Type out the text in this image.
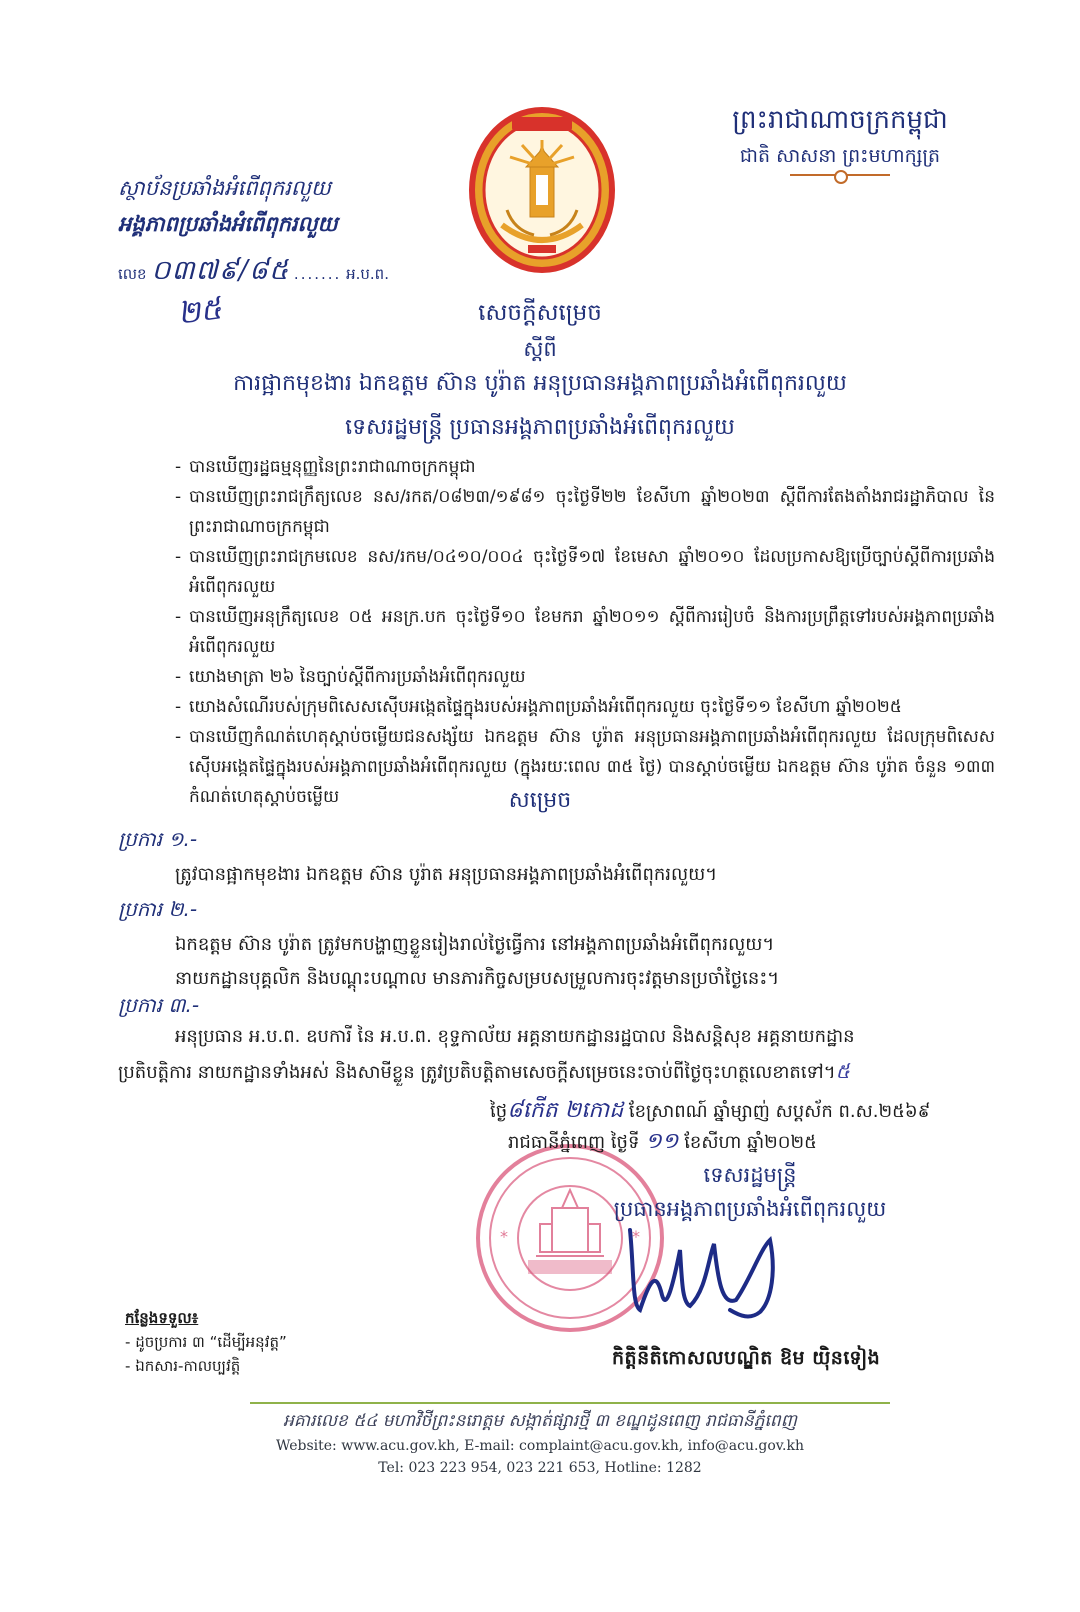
ព្រះរាជាណាចក្រកម្ពុជា
ជាតិ សាសនា ព្រះមហាក្សត្រ
ស្ថាប័នប្រឆាំងអំពើពុករលួយ
អង្គភាពប្រឆាំងអំពើពុករលួយ
លេខ ០៣៧៩/៨៥ ....... អ.ប.ព.
២៥	សេចក្តីសម្រេច
ស្តីពី
ការផ្អាកមុខងារ ឯកឧត្តម ស៊ាន បូរ៉ាត អនុប្រធានអង្គភាពប្រឆាំងអំពើពុករលួយ
ទេសរដ្ឋមន្ត្រី ប្រធានអង្គភាពប្រឆាំងអំពើពុករលួយ
- បានឃើញរដ្ឋធម្មនុញ្ញនៃព្រះរាជាណាចក្រកម្ពុជា
- បានឃើញព្រះរាជក្រឹត្យលេខ នស/រកត/០៨២៣/១៩៨១ ចុះថ្ងៃទី២២ ខែសីហា ឆ្នាំ២០២៣ ស្តីពីការតែងតាំងរាជរដ្ឋាភិបាល នៃព្រះរាជាណាចក្រកម្ពុជា
- បានឃើញព្រះរាជក្រមលេខ នស/រកម/០៤១០/០០៤ ចុះថ្ងៃទី១៧ ខែមេសា ឆ្នាំ២០១០ ដែលប្រកាសឱ្យប្រើច្បាប់ស្តីពីការប្រឆាំងអំពើពុករលួយ
- បានឃើញអនុក្រឹត្យលេខ ០៥ អនក្រ.បក ចុះថ្ងៃទី១០ ខែមករា ឆ្នាំ២០១១ ស្តីពីការរៀបចំ និងការប្រព្រឹត្តទៅរបស់អង្គភាពប្រឆាំងអំពើពុករលួយ
- យោងមាត្រា ២៦ នៃច្បាប់ស្តីពីការប្រឆាំងអំពើពុករលួយ
- យោងសំណើរបស់ក្រុមពិសេសស៊ើបអង្កេតផ្ទៃក្នុងរបស់អង្គភាពប្រឆាំងអំពើពុករលួយ ចុះថ្ងៃទី១១ ខែសីហា ឆ្នាំ២០២៥
- បានឃើញកំណត់ហេតុស្តាប់ចម្លើយជនសង្ស័យ ឯកឧត្តម ស៊ាន បូរ៉ាត អនុប្រធានអង្គភាពប្រឆាំងអំពើពុករលួយ ដែលក្រុមពិសេសស៊ើបអង្កេតផ្ទៃក្នុងរបស់អង្គភាពប្រឆាំងអំពើពុករលួយ (ក្នុងរយៈពេល ៣៥ ថ្ងៃ) បានស្តាប់ចម្លើយ ឯកឧត្តម ស៊ាន បូរ៉ាត ចំនួន ១៣៣ កំណត់ហេតុស្តាប់ចម្លើយ	សម្រេច
ប្រការ ១.-
ត្រូវបានផ្អាកមុខងារ ឯកឧត្តម ស៊ាន បូរ៉ាត អនុប្រធានអង្គភាពប្រឆាំងអំពើពុករលួយ។
ប្រការ ២.-
ឯកឧត្តម ស៊ាន បូរ៉ាត ត្រូវមកបង្ហាញខ្លួនរៀងរាល់ថ្ងៃធ្វើការ នៅអង្គភាពប្រឆាំងអំពើពុករលួយ។
នាយកដ្ឋានបុគ្គលិក និងបណ្តុះបណ្តាល មានភារកិច្ចសម្របសម្រួលការចុះវត្តមានប្រចាំថ្ងៃនេះ។
ប្រការ ៣.-
អនុប្រធាន អ.ប.ព. ឧបការី នៃ អ.ប.ព. ខុទ្ទកាល័យ អគ្គនាយកដ្ឋានរដ្ឋបាល និងសន្តិសុខ អគ្គនាយកដ្ឋាន
ប្រតិបត្តិការ នាយកដ្ឋានទាំងអស់ និងសាមីខ្លួន ត្រូវប្រតិបត្តិតាមសេចក្តីសម្រេចនេះចាប់ពីថ្ងៃចុះហត្ថលេខាតទៅ។៥
*	*
ថ្ងៃ៨កើត ២កោដ ខែស្រាពណ៍ ឆ្នាំម្សាញ់ សប្តស័ក ព.ស.២៥៦៩
រាជធានីភ្នំពេញ ថ្ងៃទី ១១ ខែសីហា ឆ្នាំ២០២៥
ទេសរដ្ឋមន្ត្រី
ប្រធានអង្គភាពប្រឆាំងអំពើពុករលួយ
កិត្តិនីតិកោសលបណ្ឌិត ឱម យ៉ិនទៀង
កន្លែងទទួល៖
- ដូចប្រការ ៣ “ដើម្បីអនុវត្ត”
- ឯកសារ-កាលប្បវត្តិ
អគារលេខ ៥៤ មហាវិថីព្រះនរោត្តម សង្កាត់ផ្សារថ្មី ៣ ខណ្ឌដូនពេញ រាជធានីភ្នំពេញ
Website: www.acu.gov.kh, E-mail: complaint@acu.gov.kh, info@acu.gov.kh
Tel: 023 223 954, 023 221 653, Hotline: 1282
